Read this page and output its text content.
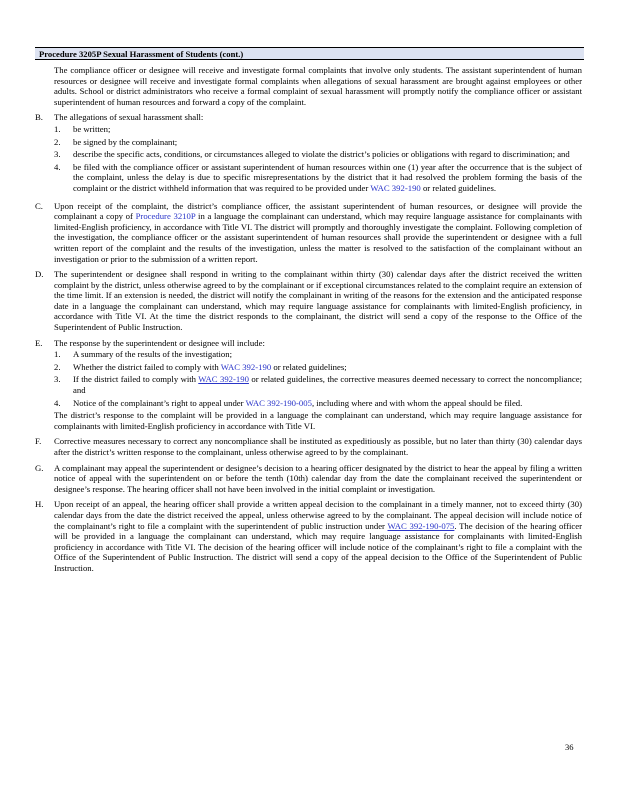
Procedure 3205P Sexual Harassment of Students (cont.)

The compliance officer or designee will receive and investigate formal complaints that involve only students. The assistant superintendent of human resources or designee will receive and investigate formal complaints when allegations of sexual harassment are brought against employees or other adults. School or district administrators who receive a formal complaint of sexual harassment will promptly notify the compliance officer or assistant superintendent of human resources and forward a copy of the complaint.

B.	The allegations of sexual harassment shall:

1.	be written;
2.	be signed by the complainant;
3.	describe the specific acts, conditions, or circumstances alleged to violate the district’s policies or obligations with regard to discrimination; and
4.	be filed with the compliance officer or assistant superintendent of human resources within one (1) year after the occurrence that is the subject of the complaint, unless the delay is due to specific misrepresentations by the district that it had resolved the problem forming the basis of the complaint or the district withheld information that was required to be provided under WAC 392-190 or related guidelines.
C.	Upon receipt of the complaint, the district’s compliance officer, the assistant superintendent of human resources, or designee will provide the complainant a copy of Procedure 3210P in a language the complainant can understand, which may require language assistance for complainants with limited-English proficiency, in accordance with Title VI. The district will promptly and thoroughly investigate the complaint. Following completion of the investigation, the compliance officer or the assistant superintendent of human resources shall provide the superintendent or designee with a full written report of the complaint and the results of the investigation, unless the matter is resolved to the satisfaction of the complainant without an investigation or prior to the submission of a written report.

D.	The superintendent or designee shall respond in writing to the complainant within thirty (30) calendar days after the district received the written complaint by the district, unless otherwise agreed to by the complainant or if exceptional circumstances related to the complaint require an extension of the time limit. If an extension is needed, the district will notify the complainant in writing of the reasons for the extension and the anticipated response date in a language the complainant can understand, which may require language assistance for complainants with limited-English proficiency, in accordance with Title VI. At the time the district responds to the complainant, the district will send a copy of the response to the Office of the Superintendent of Public Instruction.

E.	The response by the superintendent or designee will include:

1.	A summary of the results of the investigation;
2.	Whether the district failed to comply with WAC 392-190 or related guidelines;
3.	If the district failed to comply with WAC 392-190 or related guidelines, the corrective measures deemed necessary to correct the noncompliance; and
4.	Notice of the complainant’s right to appeal under WAC 392-190-005, including where and with whom the appeal should be filed.

The district’s response to the complaint will be provided in a language the complainant can understand, which may require language assistance for complainants with limited-English proficiency in accordance with Title VI.

F.	Corrective measures necessary to correct any noncompliance shall be instituted as expeditiously as possible, but no later than thirty (30) calendar days after the district’s written response to the complainant, unless otherwise agreed to by the complainant.

G.	A complainant may appeal the superintendent or designee’s decision to a hearing officer designated by the district to hear the appeal by filing a written notice of appeal with the superintendent on or before the tenth (10th) calendar day from the date the complainant received the superintendent or designee’s response. The hearing officer shall not have been involved in the initial complaint or investigation.

H.	Upon receipt of an appeal, the hearing officer shall provide a written appeal decision to the complainant in a timely manner, not to exceed thirty (30) calendar days from the date the district received the appeal, unless otherwise agreed to by the complainant. The appeal decision will include notice of the complainant’s right to file a complaint with the superintendent of public instruction under WAC 392-190-075. The decision of the hearing officer will be provided in a language the complainant can understand, which may require language assistance for complainants with limited-English proficiency in accordance with Title VI. The decision of the hearing officer will include notice of the complainant’s right to file a complaint with the Office of the Superintendent of Public Instruction. The district will send a copy of the appeal decision to the Office of the Superintendent of Public Instruction.

36
